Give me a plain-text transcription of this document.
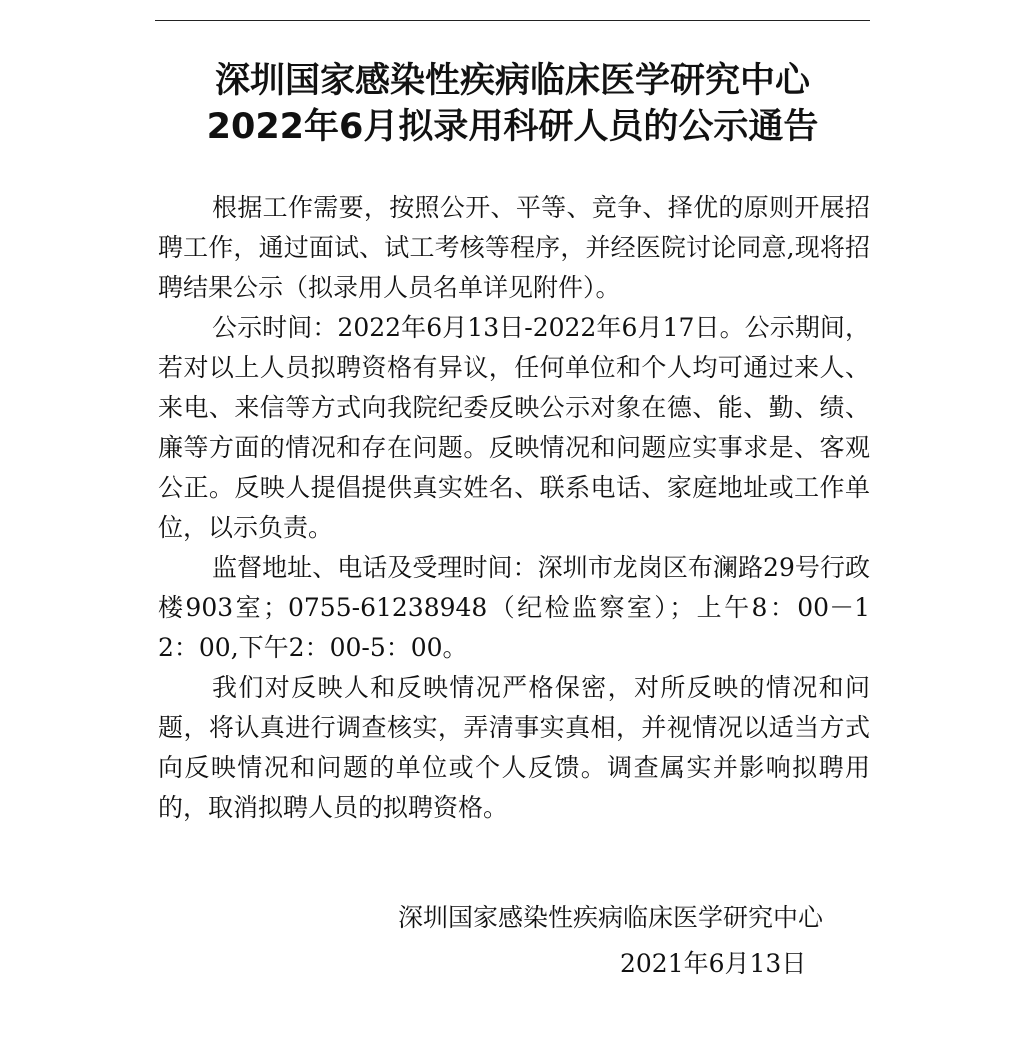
深圳国家感染性疾病临床医学研究中心
2022年6月拟录用科研人员的公示通告

根据工作需要，按照公开、平等、竞争、择优的原则开展招聘工作，通过面试、试工考核等程序，并经医院讨论同意,现将招聘结果公示（拟录用人员名单详见附件）。

公示时间：2022年6月13日-2022年6月17日。公示期间，若对以上人员拟聘资格有异议，任何单位和个人均可通过来人、来电、来信等方式向我院纪委反映公示对象在德、能、勤、绩、廉等方面的情况和存在问题。反映情况和问题应实事求是、客观公正。反映人提倡提供真实姓名、联系电话、家庭地址或工作单位，以示负责。

监督地址、电话及受理时间：深圳市龙岗区布澜路29号行政楼903室；0755-61238948（纪检监察室）；上午8：00－12：00,下午2：00-5：00。

我们对反映人和反映情况严格保密，对所反映的情况和问题，将认真进行调查核实，弄清事实真相，并视情况以适当方式向反映情况和问题的单位或个人反馈。调查属实并影响拟聘用的，取消拟聘人员的拟聘资格。

深圳国家感染性疾病临床医学研究中心
2021年6月13日
